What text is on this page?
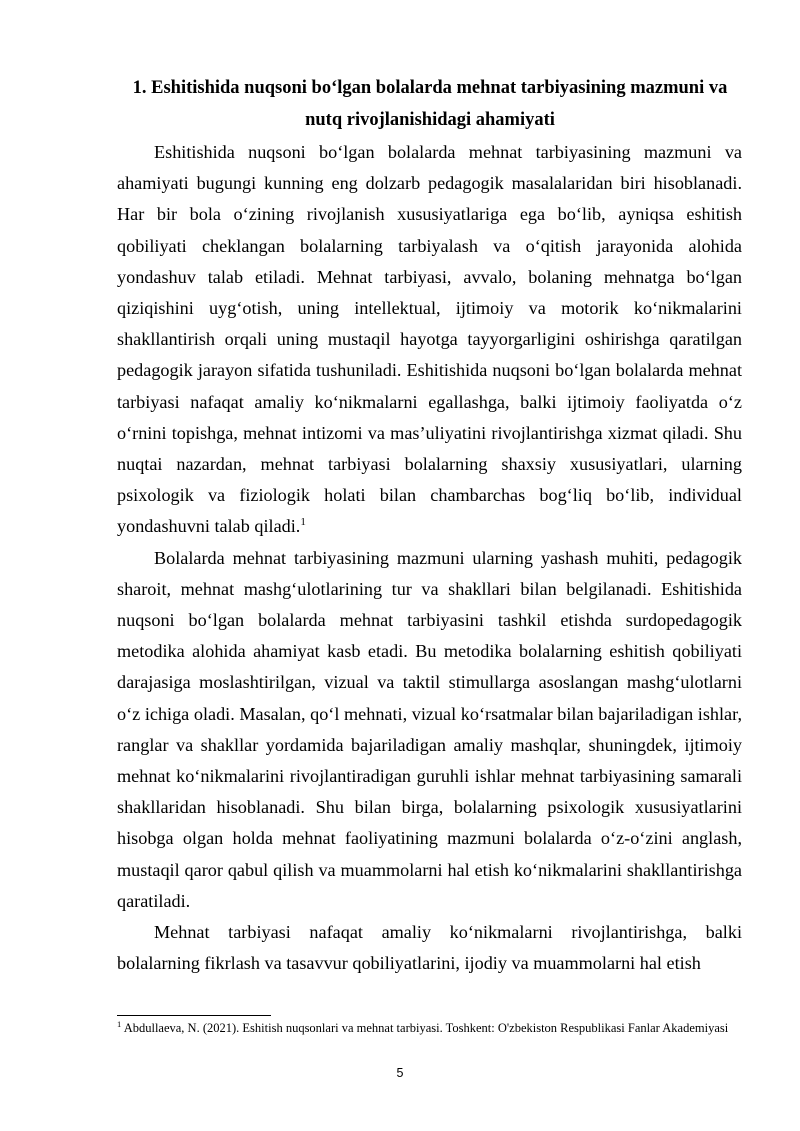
1. Eshitishida nuqsoni bo‘lgan bolalarda mehnat tarbiyasining mazmuni va
nutq rivojlanishidagi ahamiyati

Eshitishida nuqsoni bo‘lgan bolalarda mehnat tarbiyasining mazmuni va ahamiyati bugungi kunning eng dolzarb pedagogik masalalaridan biri hisoblanadi. Har bir bola o‘zining rivojlanish xususiyatlariga ega bo‘lib, ayniqsa eshitish qobiliyati cheklangan bolalarning tarbiyalash va o‘qitish jarayonida alohida yondashuv talab etiladi. Mehnat tarbiyasi, avvalo, bolaning mehnatga bo‘lgan qiziqishini uyg‘otish, uning intellektual, ijtimoiy va motorik ko‘nikmalarini shakllantirish orqali uning mustaqil hayotga tayyorgarligini oshirishga qaratilgan pedagogik jarayon sifatida tushuniladi. Eshitishida nuqsoni bo‘lgan bolalarda mehnat tarbiyasi nafaqat amaliy ko‘nikmalarni egallashga, balki ijtimoiy faoliyatda o‘z o‘rnini topishga, mehnat intizomi va mas’uliyatini rivojlantirishga xizmat qiladi. Shu nuqtai nazardan, mehnat tarbiyasi bolalarning shaxsiy xususiyatlari, ularning psixologik va fiziologik holati bilan chambarchas bog‘liq bo‘lib, individual yondashuvni talab qiladi.$^1$

Bolalarda mehnat tarbiyasining mazmuni ularning yashash muhiti, pedagogik sharoit, mehnat mashg‘ulotlarining tur va shakllari bilan belgilanadi. Eshitishida nuqsoni bo‘lgan bolalarda mehnat tarbiyasini tashkil etishda surdopedagogik metodika alohida ahamiyat kasb etadi. Bu metodika bolalarning eshitish qobiliyati darajasiga moslashtirilgan, vizual va taktil stimullarga asoslangan mashg‘ulotlarni o‘z ichiga oladi. Masalan, qo‘l mehnati, vizual ko‘rsatmalar bilan bajariladigan ishlar, ranglar va shakllar yordamida bajariladigan amaliy mashqlar, shuningdek, ijtimoiy mehnat ko‘nikmalarini rivojlantiradigan guruhli ishlar mehnat tarbiyasining samarali shakllaridan hisoblanadi. Shu bilan birga, bolalarning psixologik xususiyatlarini hisobga olgan holda mehnat faoliyatining mazmuni bolalarda o‘z-o‘zini anglash, mustaqil qaror qabul qilish va muammolarni hal etish ko‘nikmalarini shakllantirishga qaratiladi.

Mehnat tarbiyasi nafaqat amaliy ko‘nikmalarni rivojlantirishga, balki bolalarning fikrlash va tasavvur qobiliyatlarini, ijodiy va muammolarni hal etish

$^1$ Abdullaeva, N. (2021). Eshitish nuqsonlari va mehnat tarbiyasi. Toshkent: O'zbekiston Respublikasi Fanlar Akademiyasi
5
